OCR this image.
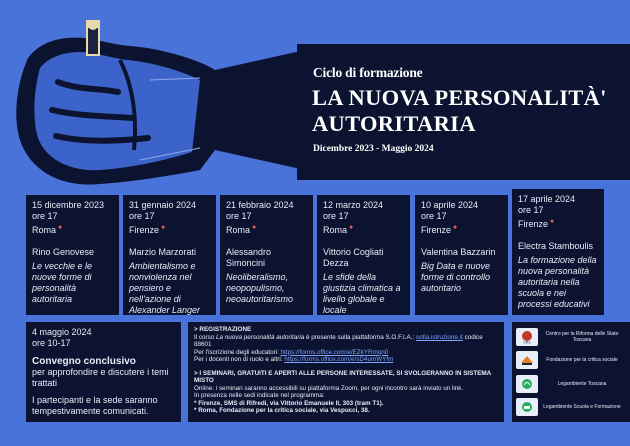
Ciclo di formazione
LA NUOVA PERSONALITÀ'
AUTORITARIA
Dicembre 2023 - Maggio 2024
15 dicembre 2023
ore 17
Roma ●
Rino Genovese
Le vecchie e le nuove forme di personalità autoritaria
31 gennaio 2024
ore 17
Firenze ●
Marzio Marzorati
Ambientalismo e nonviolenza nel pensiero e nell'azione di Alexander Langer
21 febbraio 2024
ore 17
Roma ●
Alessandro Simoncini
Neoliberalismo, neopopulismo, neoautoritarismo
12 marzo 2024
ore 17
Roma ●
Vittorio Cogliati Dezza
Le sfide della giustizia climatica a livello globale e locale
10 aprile 2024
ore 17
Firenze ●
Valentina Bazzarin
Big Data e nuove forme di controllo autoritario
17 aprile 2024
ore 17
Firenze ●
Electra Stamboulis
La formazione della nuova personalità autoritaria nella scuola e nei processi educativi
4 maggio 2024
ore 10-17
Convegno conclusivo
per approfondire e discutere i temi trattati
I partecipanti e la sede saranno tempestivamente comunicati.
> REGISTRAZIONE
Il corso La nuova personalità autoritaria è presente sulla piattaforma S.O.F.I.A.: sofia.istruzione.it codice 88601
Per l'iscrizione degli educatori: https://forms.office.com/e/EZkYRmqn0
Per i docenti non di ruolo e altri: https://forms.office.com/e/sD4umWYfm
> I SEMINARI, GRATUITI E APERTI ALLE PERSONE INTERESSATE, SI SVOLGERANNO IN SISTEMA MISTO
Online: i seminari saranno accessibili su piattaforma Zoom, per ogni incontro sarà inviato un link.
In presenza nelle sedi indicate nel programma:
* Firenze, SMS di Rifredi, via Vittorio Emanuele II, 303 (tram T1).
* Roma, Fondazione per la critica sociale, via Vespucci, 38.
CRS
Centro per la Riforma dello Stato Toscana
Fondazione per la critica sociale
Legambiente Toscana
Legambiente Scuola e Formazione
